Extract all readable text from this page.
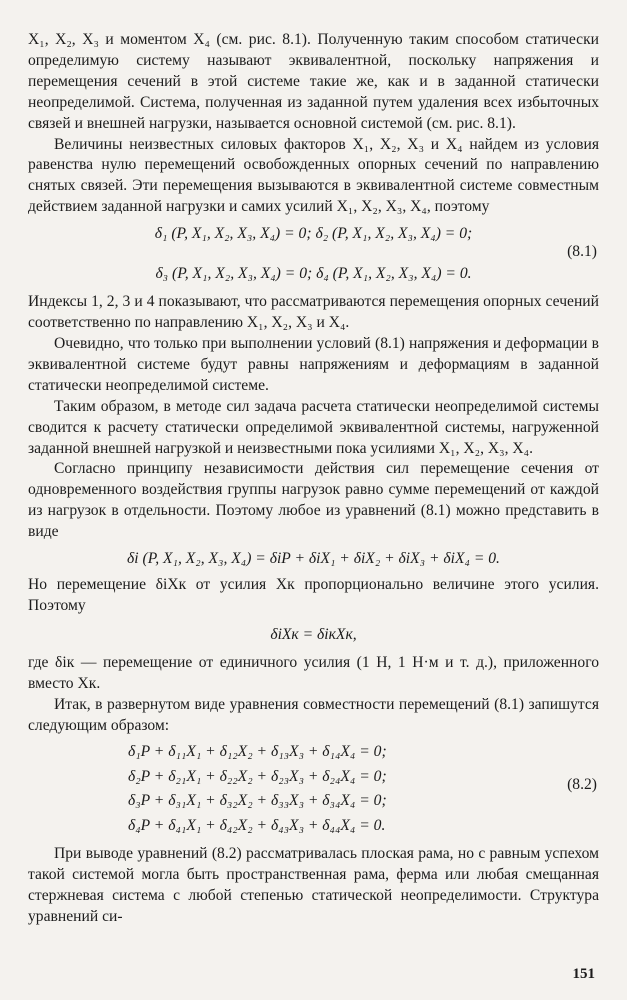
X₁, X₂, X₃ и моментом X₄ (см. рис. 8.1). Полученную таким способом статически определимую систему называют эквивалентной, поскольку напряжения и перемещения сечений в этой системе такие же, как и в заданной статически неопределимой. Система, полученная из заданной путем удаления всех избыточных связей и внешней нагрузки, называется основной системой (см. рис. 8.1).

Величины неизвестных силовых факторов X₁, X₂, X₃ и X₄ найдем из условия равенства нулю перемещений освобожденных опорных сечений по направлению снятых связей. Эти перемещения вызываются в эквивалентной системе совместным действием заданной нагрузки и самих усилий X₁, X₂, X₃, X₄, поэтому

δ₁ (P, X₁, X₂, X₃, X₄) = 0; δ₂ (P, X₁, X₂, X₃, X₄) = 0;
(8.1)
δ₃ (P, X₁, X₂, X₃, X₄) = 0; δ₄ (P, X₁, X₂, X₃, X₄) = 0.

Индексы 1, 2, 3 и 4 показывают, что рассматриваются перемещения опорных сечений соответственно по направлению X₁, X₂, X₃ и X₄.

Очевидно, что только при выполнении условий (8.1) напряжения и деформации в эквивалентной системе будут равны напряжениям и деформациям в заданной статически неопределимой системе.

Таким образом, в методе сил задача расчета статически неопределимой системы сводится к расчету статически определимой эквивалентной системы, нагруженной заданной внешней нагрузкой и неизвестными пока усилиями X₁, X₂, X₃, X₄.

Согласно принципу независимости действия сил перемещение сечения от одновременного воздействия группы нагрузок равно сумме перемещений от каждой из нагрузок в отдельности. Поэтому любое из уравнений (8.1) можно представить в виде

δi (P, X₁, X₂, X₃, X₄) = δiP + δiX₁ + δiX₂ + δiX₃ + δiX₄ = 0.

Но перемещение δiXк от усилия Xк пропорционально величине этого усилия. Поэтому

δiXк = δiкXк,

где δiк — перемещение от единичного усилия (1 Н, 1 Н·м и т. д.), приложенного вместо Xк.

Итак, в развернутом виде уравнения совместности перемещений (8.1) запишутся следующим образом:

δ₁P + δ₁₁X₁ + δ₁₂X₂ + δ₁₃X₃ + δ₁₄X₄ = 0;
δ₂P + δ₂₁X₁ + δ₂₂X₂ + δ₂₃X₃ + δ₂₄X₄ = 0;
δ₃P + δ₃₁X₁ + δ₃₂X₂ + δ₃₃X₃ + δ₃₄X₄ = 0;
δ₄P + δ₄₁X₁ + δ₄₂X₂ + δ₄₃X₃ + δ₄₄X₄ = 0.
(8.2)

При выводе уравнений (8.2) рассматривалась плоская рама, но с равным успехом такой системой могла быть пространственная рама, ферма или любая смещанная стержневая система с любой степенью статической неопределимости. Структура уравнений си-

151
